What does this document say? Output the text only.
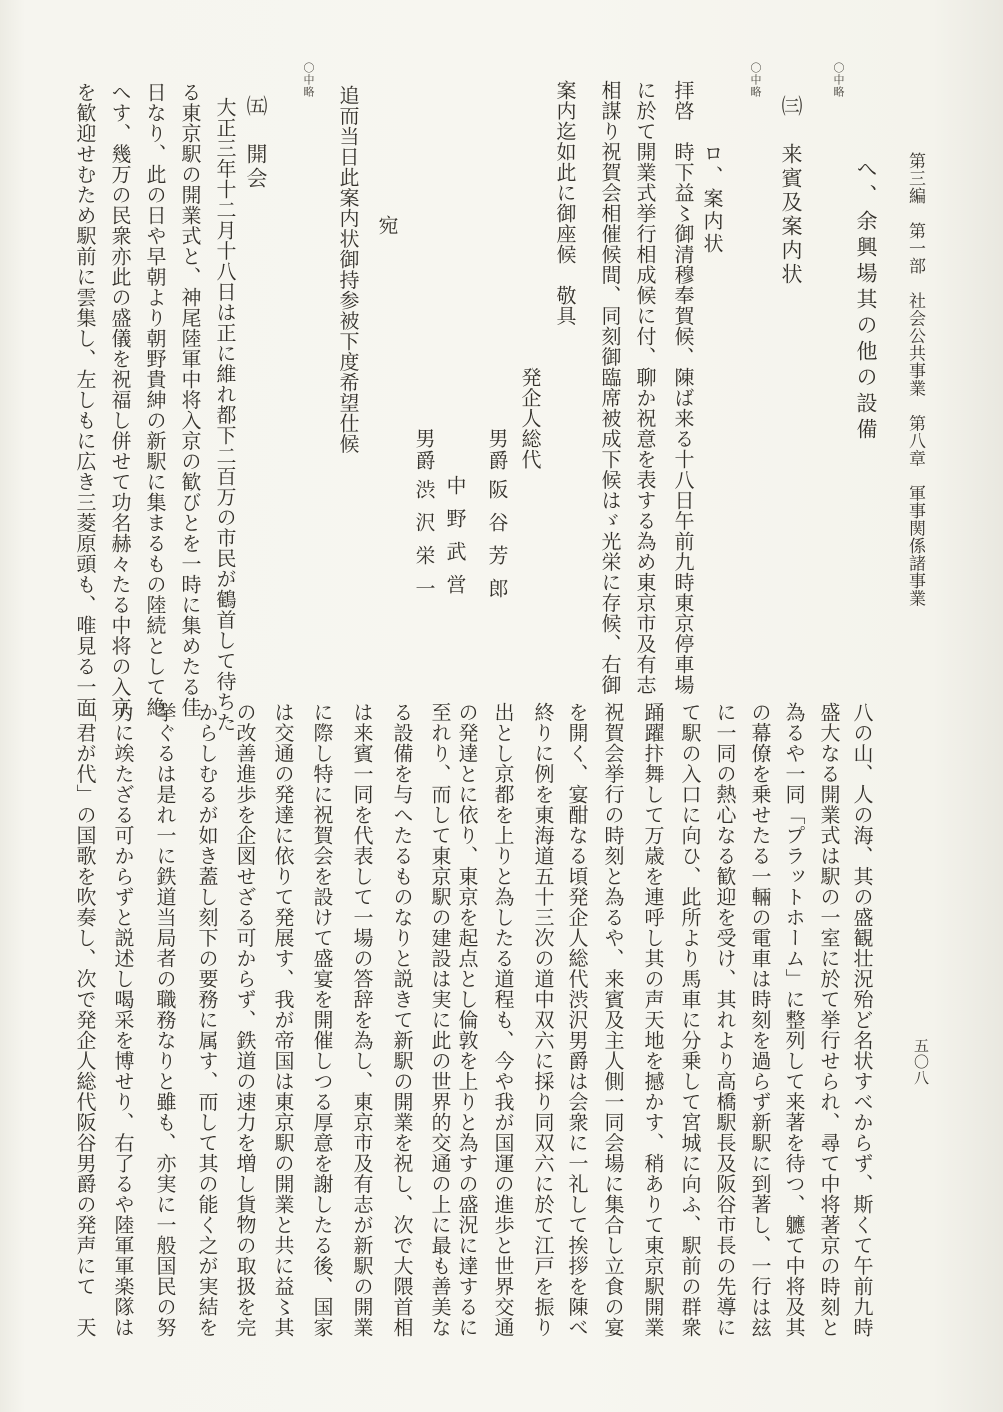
第三編　第一部　社会公共事業　第八章　軍事関係諸事業
五〇八
へ、余興場其の他の設備
〇中略
〇中略
〇中略
㈢　来賓及案内状
ロ、案内状
拝啓　時下益〻御清穆奉賀候、陳ば来る十八日午前九時東京停車場
に於て開業式挙行相成候に付、聊か祝意を表する為め東京市及有志
相謀り祝賀会相催候間、同刻御臨席被成下候はゞ光栄に存候、右御
案内迄如此に御座候　敬具
発企人総代
男爵阪谷芳郎
中野武営
男爵渋沢栄一
宛
追而当日此案内状御持参被下度希望仕候
㈤　開会
大正三年十二月十八日は正に維れ都下二百万の市民が鶴首して待ちた
る東京駅の開業式と、神尾陸軍中将入京の歓びとを一時に集めたる佳
日なり、此の日や早朝より朝野貴紳の新駅に集まるもの陸続として絶
へす、幾万の民衆亦此の盛儀を祝福し併せて功名赫々たる中将の入京
を歓迎せむため駅前に雲集し、左しもに広き三菱原頭も、唯見る一面
八の山、人の海、其の盛観壮況殆ど名状すべからず、斯くて午前九時
盛大なる開業式は駅の一室に於て挙行せられ、尋て中将著京の時刻と
為るや一同「プラットホーム」に整列して来著を待つ、軈て中将及其
の幕僚を乗せたる一輛の電車は時刻を過らず新駅に到著し、一行は玆
に一同の熱心なる歓迎を受け、其れより高橋駅長及阪谷市長の先導に
て駅の入口に向ひ、此所より馬車に分乗して宮城に向ふ、駅前の群衆
踊躍抃舞して万歳を連呼し其の声天地を撼かす、稍ありて東京駅開業
祝賀会挙行の時刻と為るや、来賓及主人側一同会場に集合し立食の宴
を開く、宴酣なる頃発企人総代渋沢男爵は会衆に一礼して挨拶を陳べ
終りに例を東海道五十三次の道中双六に採り同双六に於て江戸を振り
出とし京都を上りと為したる道程も、今や我が国運の進歩と世界交通
の発達とに依り、東京を起点とし倫敦を上りと為すの盛況に達するに
至れり、而して東京駅の建設は実に此の世界的交通の上に最も善美な
る設備を与へたるものなりと説きて新駅の開業を祝し、次で大隈首相
は来賓一同を代表して一場の答辞を為し、東京市及有志が新駅の開業
に際し特に祝賀会を設けて盛宴を開催しつる厚意を謝したる後、国家
は交通の発達に依りて発展す、我が帝国は東京駅の開業と共に益〻其
の改善進歩を企図せざる可からず、鉄道の速力を増し貨物の取扱を完
からしむるが如き蓋し刻下の要務に属す、而して其の能く之が実結を
挙ぐるは是れ一に鉄道当局者の職務なりと雖も、亦実に一般国民の努
力に竢たざる可からずと説述し喝采を博せり、右了るや陸軍軍楽隊は
「君が代」の国歌を吹奏し、次で発企人総代阪谷男爵の発声にて　天
